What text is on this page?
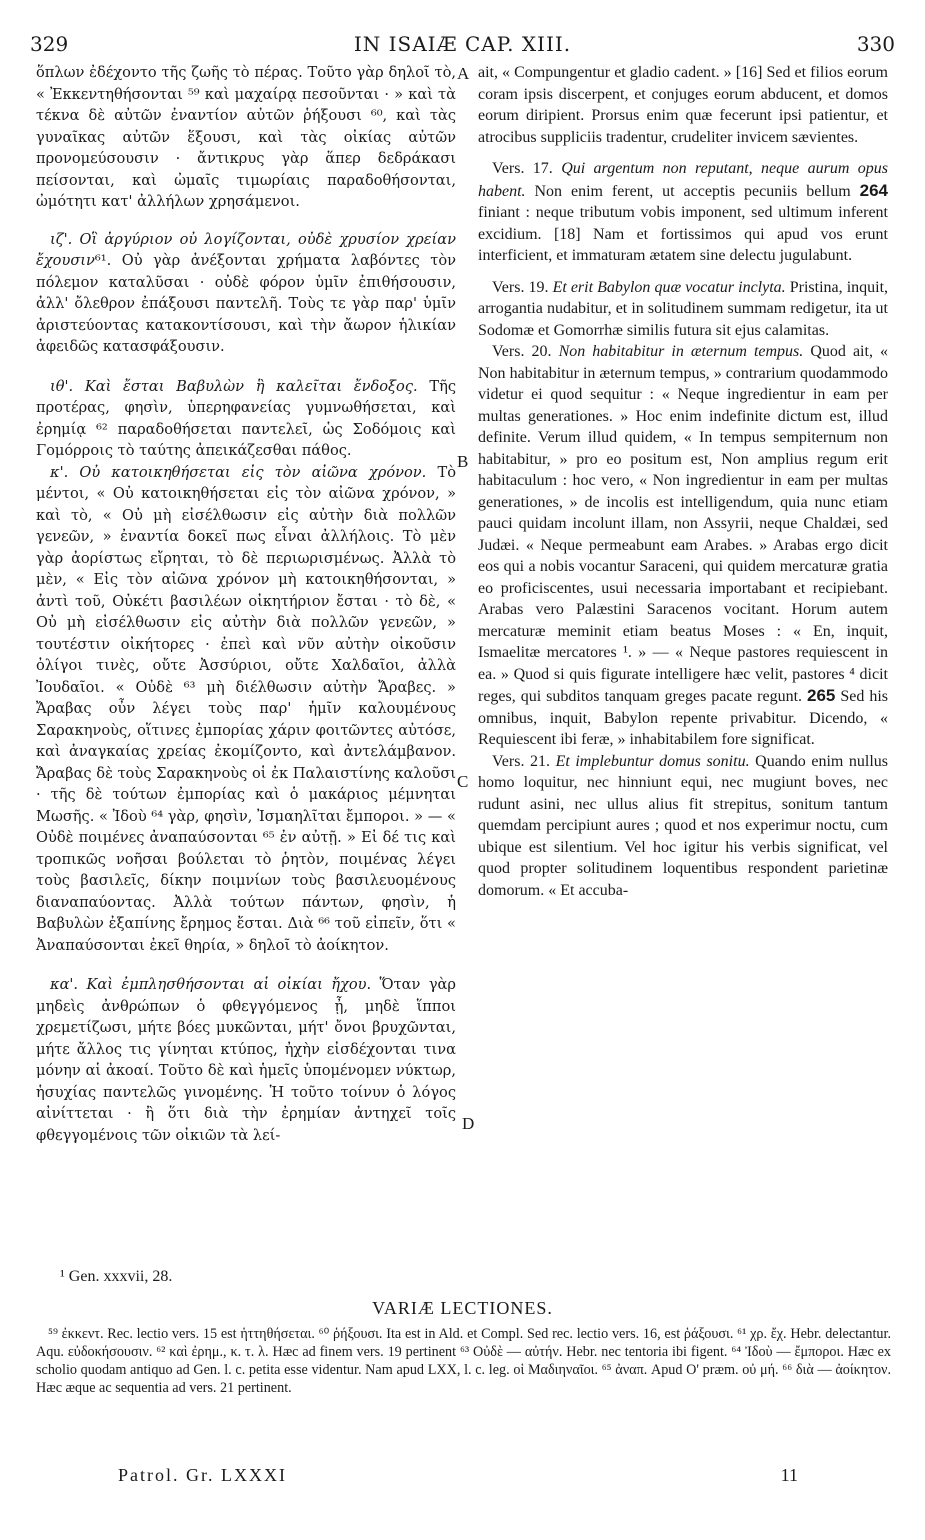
329	IN ISAIÆ CAP. XIII.	330
A
B
C
D

ὅπλων ἐδέχοντο τῆς ζωῆς τὸ πέρας. Τοῦτο γὰρ δηλοῖ τὸ, « Ἐκκεντηθήσονται ⁵⁹ καὶ μαχαίρᾳ πεσοῦνται · » καὶ τὰ τέκνα δὲ αὐτῶν ἐναντίον αὐτῶν ῥήξουσι ⁶⁰, καὶ τὰς γυναῖκας αὐτῶν ἕξουσι, καὶ τὰς οἰκίας αὐτῶν προνομεύσουσιν · ἄντικρυς γὰρ ἅπερ δεδράκασι πείσονται, καὶ ὠμαῖς τιμωρίαις παραδοθήσονται, ὠμότητι κατ' ἀλλήλων χρησάμενοι.

ιζ'. Οἳ ἀργύριον οὐ λογίζονται, οὐδὲ χρυσίον χρείαν ἔχουσιν⁶¹. Οὐ γὰρ ἀνέξονται χρήματα λαβόντες τὸν πόλεμον καταλῦσαι · οὐδὲ φόρον ὑμῖν ἐπιθήσουσιν, ἀλλ' ὄλεθρον ἐπάξουσι παντελῆ. Τοὺς τε γὰρ παρ' ὑμῖν ἀριστεύοντας κατακοντίσουσι, καὶ τὴν ἄωρον ἡλικίαν ἀφειδῶς κατασφάξουσιν.

ιθ'. Καὶ ἔσται Βαβυλὼν ἣ καλεῖται ἔνδοξος. Τῆς προτέρας, φησὶν, ὑπερηφανείας γυμνωθήσεται, καὶ ἐρημίᾳ ⁶² παραδοθήσεται παντελεῖ, ὡς Σοδόμοις καὶ Γομόρροις τὸ ταύτης ἀπεικάζεσθαι πάθος.

κ'. Οὐ κατοικηθήσεται εἰς τὸν αἰῶνα χρόνον. Τὸ μέντοι, « Οὐ κατοικηθήσεται εἰς τὸν αἰῶνα χρόνον, » καὶ τὸ, « Οὐ μὴ εἰσέλθωσιν εἰς αὐτὴν διὰ πολλῶν γενεῶν, » ἐναντία δοκεῖ πως εἶναι ἀλλήλοις. Τὸ μὲν γὰρ ἀορίστως εἴρηται, τὸ δὲ περιωρισμένως. Ἀλλὰ τὸ μὲν, « Εἰς τὸν αἰῶνα χρόνον μὴ κατοικηθήσονται, » ἀντὶ τοῦ, Οὐκέτι βασιλέων οἰκητήριον ἔσται · τὸ δὲ, « Οὐ μὴ εἰσέλθωσιν εἰς αὐτὴν διὰ πολλῶν γενεῶν, » τουτέστιν οἰκήτορες · ἐπεὶ καὶ νῦν αὐτὴν οἰκοῦσιν ὀλίγοι τινὲς, οὔτε Ἀσσύριοι, οὔτε Χαλδαῖοι, ἀλλὰ Ἰουδαῖοι. « Οὐδὲ ⁶³ μὴ διέλθωσιν αὐτὴν Ἄραβες. » Ἄραβας οὖν λέγει τοὺς παρ' ἡμῖν καλουμένους Σαρακηνοὺς, οἵτινες ἐμπορίας χάριν φοιτῶντες αὐτόσε, καὶ ἀναγκαίας χρείας ἐκομίζοντο, καὶ ἀντελάμβανον. Ἄραβας δὲ τοὺς Σαρακηνοὺς οἱ ἐκ Παλαιστίνης καλοῦσι · τῆς δὲ τούτων ἐμπορίας καὶ ὁ μακάριος μέμνηται Μωσῆς. « Ἰδοὺ ⁶⁴ γὰρ, φησὶν, Ἰσμαηλῖται ἔμποροι. » — « Οὐδὲ ποιμένες ἀναπαύσονται ⁶⁵ ἐν αὐτῇ. » Εἰ δέ τις καὶ τροπικῶς νοῆσαι βούλεται τὸ ῥητὸν, ποιμένας λέγει τοὺς βασιλεῖς, δίκην ποιμνίων τοὺς βασιλευομένους διαναπαύοντας. Ἀλλὰ τούτων πάντων, φησὶν, ἡ Βαβυλὼν ἐξαπίνης ἔρημος ἔσται. Διὰ ⁶⁶ τοῦ εἰπεῖν, ὅτι « Ἀναπαύσονται ἐκεῖ θηρία, » δηλοῖ τὸ ἀοίκητον.

κα'. Καὶ ἐμπλησθήσονται αἱ οἰκίαι ἤχου. Ὅταν γὰρ μηδεὶς ἀνθρώπων ὁ φθεγγόμενος ᾖ, μηδὲ ἵπποι χρεμετίζωσι, μήτε βόες μυκῶνται, μήτ' ὄνοι βρυχῶνται, μήτε ἄλλος τις γίνηται κτύπος, ἠχὴν εἰσδέχονται τινα μόνην αἱ ἀκοαί. Τοῦτο δὲ καὶ ἡμεῖς ὑπομένομεν νύκτωρ, ἡσυχίας παντελῶς γινομένης. Ἡ τοῦτο τοίνυν ὁ λόγος αἰνίττεται · ἢ ὅτι διὰ τὴν ἐρημίαν ἀντηχεῖ τοῖς φθεγγομένοις τῶν οἰκιῶν τὰ λεί-

ait, « Compungentur et gladio cadent. » [16] Sed et filios eorum coram ipsis discerpent, et conjuges eorum abducent, et domos eorum diripient. Prorsus enim quæ fecerunt ipsi patientur, et atrocibus suppliciis tradentur, crudeliter invicem sævientes.

Vers. 17. Qui argentum non reputant, neque aurum opus habent. Non enim ferent, ut acceptis pecuniis bellum 264 finiant : neque tributum vobis imponent, sed ultimum inferent excidium. [18] Nam et fortissimos qui apud vos erunt interficient, et immaturam ætatem sine delectu jugulabunt.

Vers. 19. Et erit Babylon quæ vocatur inclyta. Pristina, inquit, arrogantia nudabitur, et in solitudinem summam redigetur, ita ut Sodomæ et Gomorrhæ similis futura sit ejus calamitas.

Vers. 20. Non habitabitur in æternum tempus. Quod ait, « Non habitabitur in æternum tempus, » contrarium quodammodo videtur ei quod sequitur : « Neque ingredientur in eam per multas generationes. » Hoc enim indefinite dictum est, illud definite. Verum illud quidem, « In tempus sempiternum non habitabitur, » pro eo positum est, Non amplius regum erit habitaculum : hoc vero, « Non ingredientur in eam per multas generationes, » de incolis est intelligendum, quia nunc etiam pauci quidam incolunt illam, non Assyrii, neque Chaldæi, sed Judæi. « Neque permeabunt eam Arabes. » Arabas ergo dicit eos qui a nobis vocantur Saraceni, qui quidem mercaturæ gratia eo proficiscentes, usui necessaria importabant et recipiebant. Arabas vero Palæstini Saracenos vocitant. Horum autem mercaturæ meminit etiam beatus Moses : « En, inquit, Ismaelitæ mercatores ¹. » — « Neque pastores requiescent in ea. » Quod si quis figurate intelligere hæc velit, pastores ⁴ dicit reges, qui subditos tanquam greges pacate regunt. 265 Sed his omnibus, inquit, Babylon repente privabitur. Dicendo, « Requiescent ibi feræ, » inhabitabilem fore significat.

Vers. 21. Et implebuntur domus sonitu. Quando enim nullus homo loquitur, nec hinniunt equi, nec mugiunt boves, nec rudunt asini, nec ullus alius fit strepitus, sonitum tantum quemdam percipiunt aures ; quod et nos experimur noctu, cum ubique est silentium. Vel hoc igitur his verbis significat, vel quod propter solitudinem loquentibus respondent parietinæ domorum. « Et accuba-

¹ Gen. xxxvii, 28.
VARIÆ LECTIONES.

⁵⁹ ἐκκεντ. Rec. lectio vers. 15 est ἡττηθήσεται. ⁶⁰ ῥήξουσι. Ita est in Ald. et Compl. Sed rec. lectio vers. 16, est ῥάξουσι. ⁶¹ χρ. ἔχ. Hebr. delectantur. Aqu. εὐδοκήσουσιν. ⁶² καὶ ἐρημ., κ. τ. λ. Hæc ad finem vers. 19 pertinent ⁶³ Οὐδὲ — αὐτήν. Hebr. nec tentoria ibi figent. ⁶⁴ Ἰδοὺ — ἔμποροι. Hæc ex scholio quodam antiquo ad Gen. l. c. petita esse videntur. Nam apud LXX, l. c. leg. οἱ Μαδιηναῖοι. ⁶⁵ ἀναπ. Apud O' præm. οὐ μή. ⁶⁶ διὰ — ἀοίκητον. Hæc æque ac sequentia ad vers. 21 pertinent.

Patrol. Gr. LXXXI	11
